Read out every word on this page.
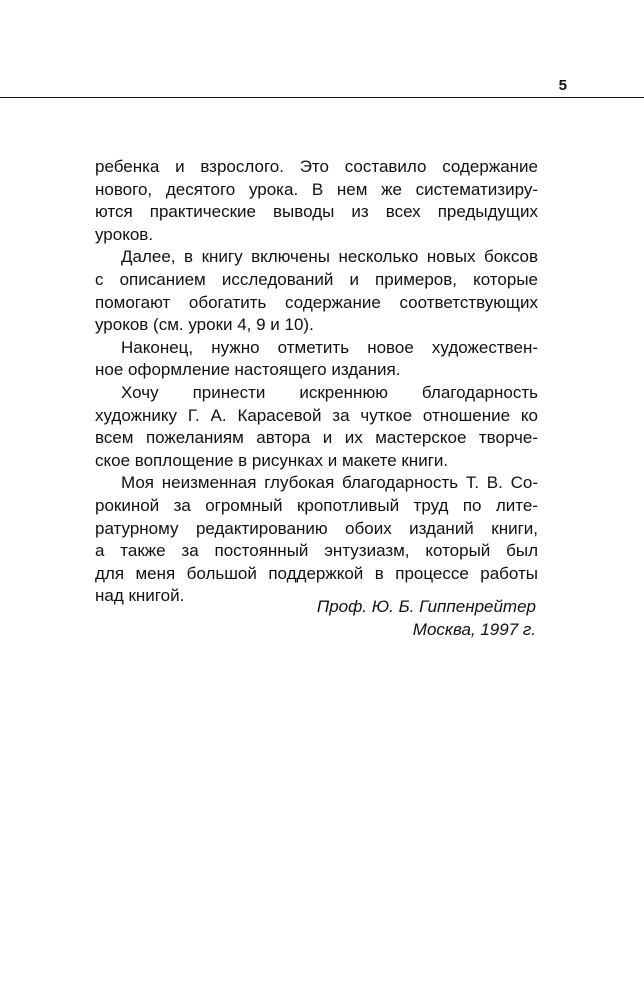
5
ребенка и взрослого. Это составило содержание
нового, десятого урока. В нем же систематизиру-
ются практические выводы из всех предыдущих
уроков.
Далее, в книгу включены несколько новых боксов
с описанием исследований и примеров, которые
помогают обогатить содержание соответствующих
уроков (см. уроки 4, 9 и 10).
Наконец, нужно отметить новое художествен-
ное оформление настоящего издания.
Хочу принести искреннюю благодарность
художнику Г. А. Карасевой за чуткое отношение ко
всем пожеланиям автора и их мастерское творче-
ское воплощение в рисунках и макете книги.
Моя неизменная глубокая благодарность Т. В. Со-
рокиной за огромный кропотливый труд по лите-
ратурному редактированию обоих изданий книги,
а также за постоянный энтузиазм, который был
для меня большой поддержкой в процессе работы
над книгой.
Проф. Ю. Б. Гиппенрейтер
Москва, 1997 г.
